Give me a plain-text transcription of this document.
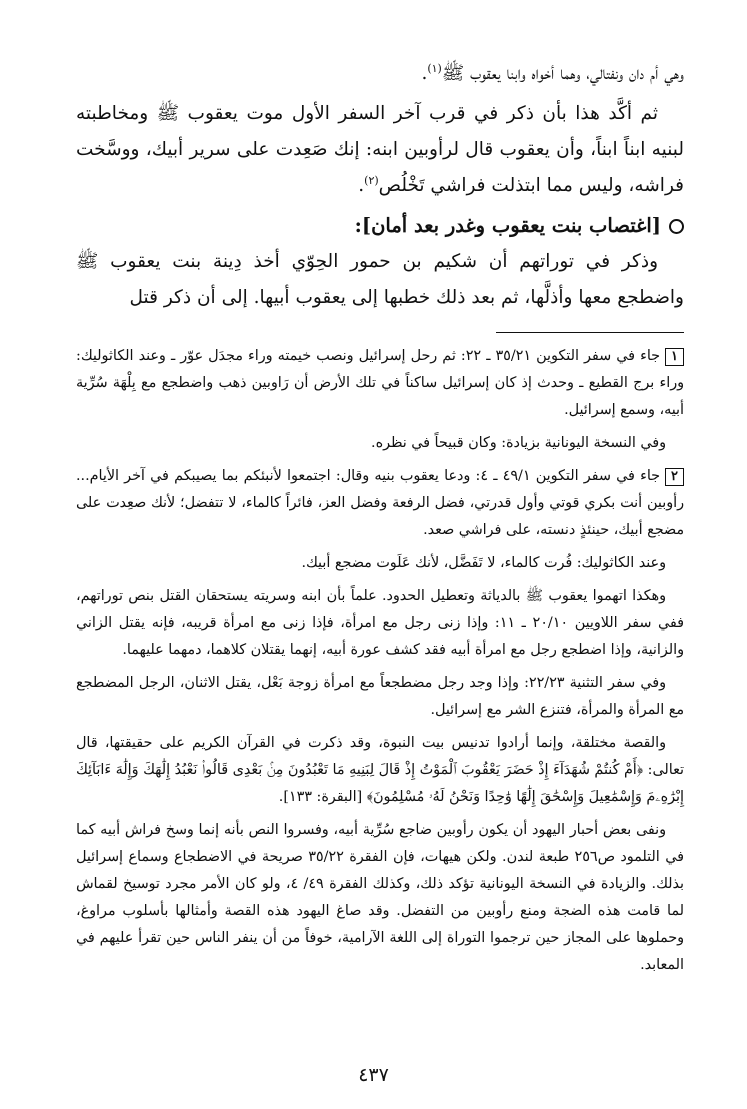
وهي أم دان ونفتالي، وهما أخواه وابنا يعقوب ﷺ$^{(١)}$.

ثم أكَّد هذا بأن ذكر في قرب آخر السفر الأول موت يعقوب ﷺ ومخاطبته لبنيه ابناً ابناً، وأن يعقوب قال لرأوبين ابنه: إنك صَعِدت على سرير أبيك، ووسَّخت فراشه، وليس مما ابتذلت فراشي تَخْلُص$^{(٢)}$.

[اغتصاب بنت يعقوب وغدر بعد أمان]:

وذكر في توراتهم أن شكيم بن حمور الحِوّي أخذ دِينة بنت يعقوب ﷺ واضطجع معها وأذلَّها، ثم بعد ذلك خطبها إلى يعقوب أبيها. إلى أن ذكر قتل

١جاء في سفر التكوين ٣٥/٢١ ـ ٢٢: ثم رحل إسرائيل ونصب خيمته وراء مجدَل عوّر ـ وعند الكاثوليك: وراء برج القطيع ـ وحدث إذ كان إسرائيل ساكناً في تلك الأرض أن رَاوبين ذهب واضطجع مع بِلْهَة سُرِّية أبيه، وسمع إسرائيل.

وفي النسخة اليونانية بزيادة: وكان قبيحاً في نظره.

٢جاء في سفر التكوين ٤٩/١ ـ ٤: ودعا يعقوب بنيه وقال: اجتمعوا لأنبئكم بما يصيبكم في آخر الأيام... رأوبين أنت بكري قوتي وأول قدرتي، فضل الرفعة وفضل العز، فائراً كالماء، لا تتفضل؛ لأنك صعِدت على مضجع أبيك، حينئذٍ دنسته، على فراشي صعد.

وعند الكاثوليك: فُرت كالماء، لا تَفَضَّل، لأنك عَلَوت مضجع أبيك.

وهكذا اتهموا يعقوب ﷺ بالدياثة وتعطيل الحدود. علماً بأن ابنه وسريته يستحقان القتل بنص توراتهم، ففي سفر اللاويين ٢٠/١٠ ـ ١١: وإذا زنى رجل مع امرأة، فإذا زنى مع امرأة قريبه، فإنه يقتل الزاني والزانية، وإذا اضطجع رجل مع امرأة أبيه فقد كشف عورة أبيه، إنهما يقتلان كلاهما، دمهما عليهما.

وفي سفر التثنية ٢٢/٢٣: وإذا وجد رجل مضطجعاً مع امرأة زوجة بَعْل، يقتل الاثنان، الرجل المضطجع مع المرأة والمرأة، فتنزع الشر مع إسرائيل.

والقصة مختلقة، وإنما أرادوا تدنيس بيت النبوة، وقد ذكرت في القرآن الكريم على حقيقتها، قال تعالى: ﴿أَمْ كُنتُمْ شُهَدَآءَ إِذْ حَضَرَ يَعْقُوبَ ٱلْمَوْتُ إِذْ قَالَ لِبَنِيهِ مَا تَعْبُدُونَ مِنۢ بَعْدِى قَالُوا۟ نَعْبُدُ إِلَٰهَكَ وَإِلَٰهَ ءَابَآئِكَ إِبْرَٰهِۦمَ وَإِسْمَٰعِيلَ وَإِسْحَٰقَ إِلَٰهًا وَٰحِدًا وَنَحْنُ لَهُۥ مُسْلِمُونَ﴾ [البقرة: ١٣٣].

ونفى بعض أحبار اليهود أن يكون رأوبين ضاجع سُرِّية أبيه، وفسروا النص بأنه إنما وسخ فراش أبيه كما في التلمود ص٢٥٦ طبعة لندن. ولكن هيهات، فإن الفقرة ٣٥/٢٢ صريحة في الاضطجاع وسماع إسرائيل بذلك. والزيادة في النسخة اليونانية تؤكد ذلك، وكذلك الفقرة ٤٩/ ٤، ولو كان الأمر مجرد توسيخ لقماش لما قامت هذه الضجة ومنع رأوبين من التفضل. وقد صاغ اليهود هذه القصة وأمثالها بأسلوب مراوغ، وحملوها على المجاز حين ترجموا التوراة إلى اللغة الآرامية، خوفاً من أن ينفر الناس حين تقرأ عليهم في المعابد.

٤٣٧
